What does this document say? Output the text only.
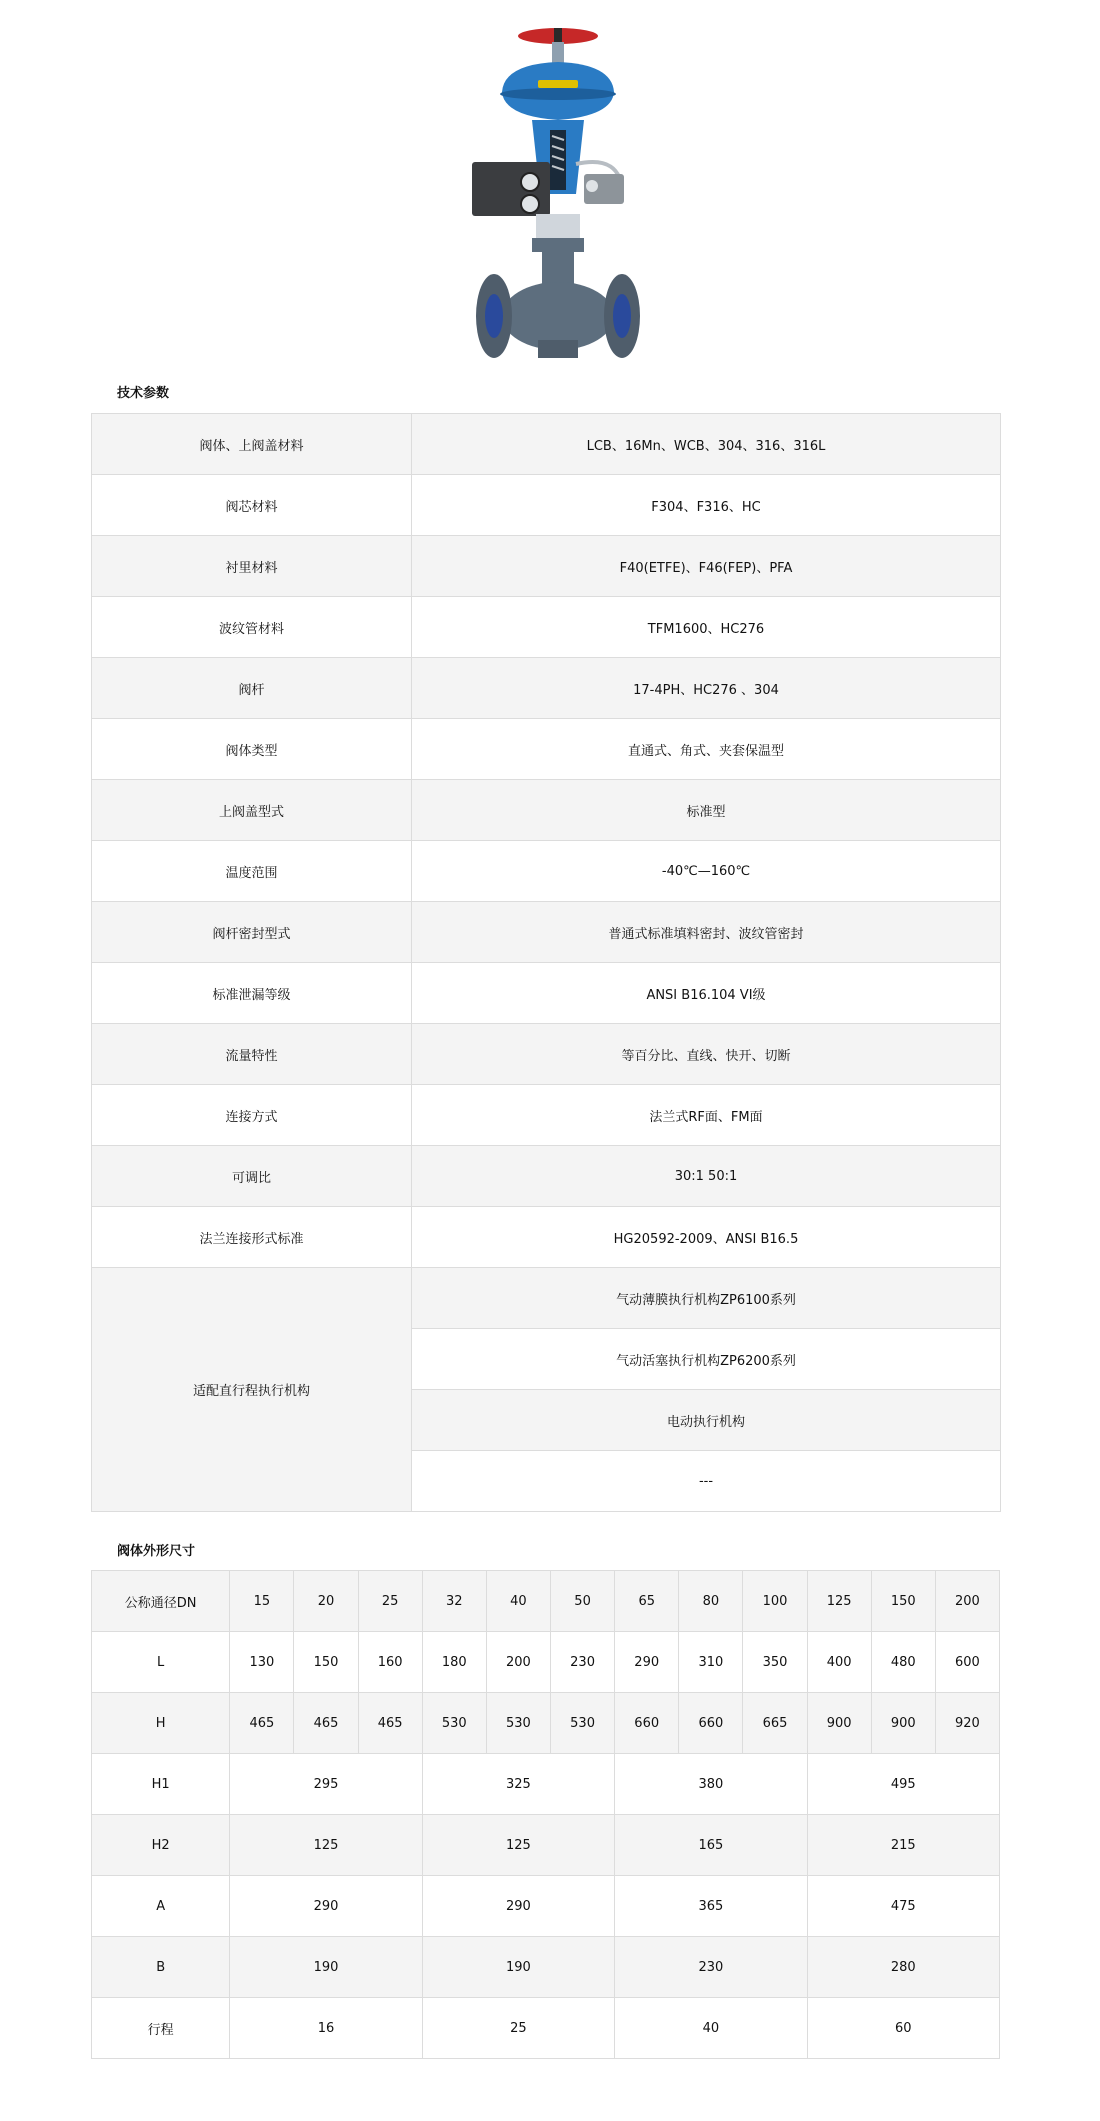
技术参数
阀体、上阀盖材料	LCB、16Mn、WCB、304、316、316L
阀芯材料	F304、F316、HC
衬里材料	F40(ETFE)、F46(FEP)、PFA
波纹管材料	TFM1600、HC276
阀杆	17-4PH、HC276 、304
阀体类型	直通式、角式、夹套保温型
上阀盖型式	标准型
温度范围	-40℃—160℃
阀杆密封型式	普通式标准填料密封、波纹管密封
标准泄漏等级	ANSI B16.104 VI级
流量特性	等百分比、直线、快开、切断
连接方式	法兰式RF面、FM面
可调比	30:1 50:1
法兰连接形式标准	HG20592-2009、ANSI B16.5
适配直行程执行机构	气动薄膜执行机构ZP6100系列
	气动活塞执行机构ZP6200系列
	电动执行机构
	---
阀体外形尺寸
公称通径DN	15	20	25	32	40	50	65	80	100	125	150	200
L	130	150	160	180	200	230	290	310	350	400	480	600
H	465	465	465	530	530	530	660	660	665	900	900	920
H1	295			325			380			495		
H2	125			125			165			215		
A	290			290			365			475		
B	190			190			230			280		
行程	16			25			40			60		
